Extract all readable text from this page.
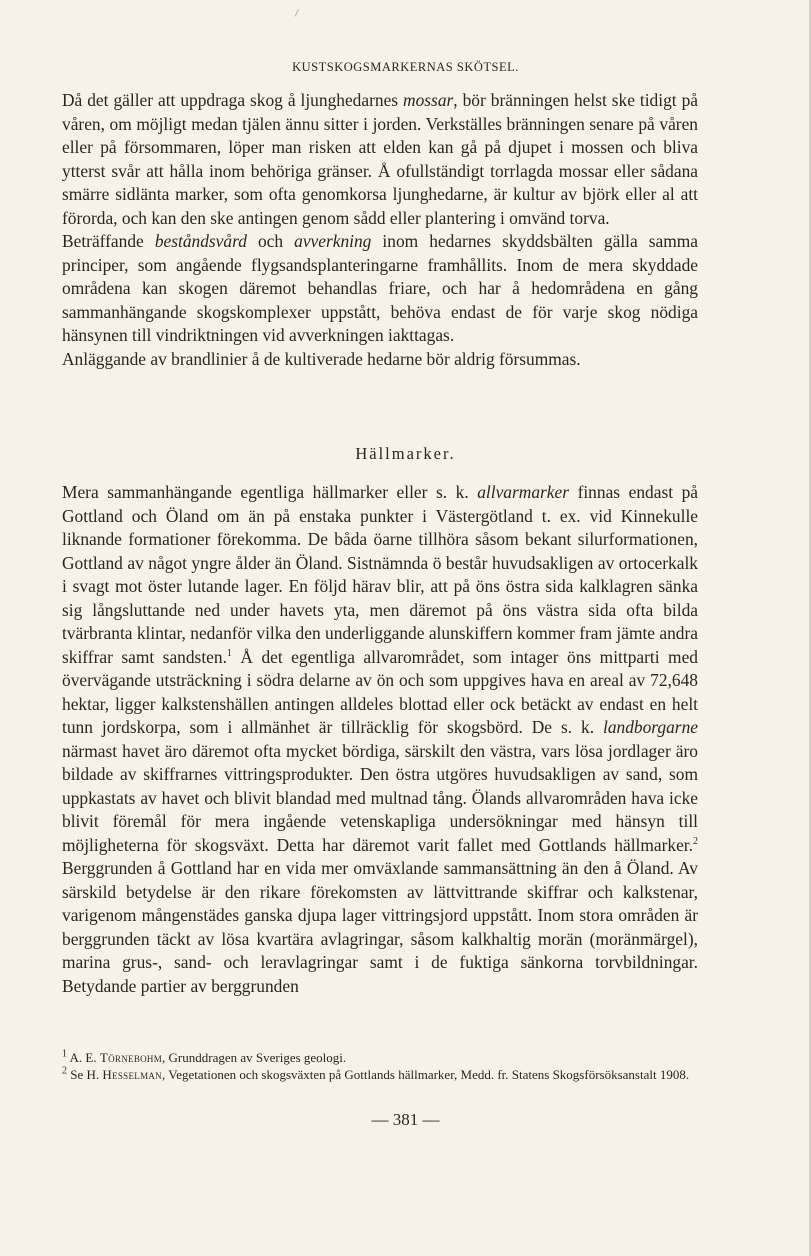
KUSTSKOGSMARKERNAS SKÖTSEL.

Då det gäller att uppdraga skog å ljunghedarnes mossar, bör bränningen helst ske tidigt på våren, om möjligt medan tjälen ännu sitter i jorden. Verkställes bränningen senare på våren eller på försommaren, löper man risken att elden kan gå på djupet i mossen och bliva ytterst svår att hålla inom behöriga gränser. Å ofullständigt torrlagda mossar eller sådana smärre sidlänta marker, som ofta genomkorsa ljunghedarne, är kultur av björk eller al att förorda, och kan den ske antingen genom sådd eller plantering i omvänd torva.

Beträffande beståndsvård och avverkning inom hedarnes skyddsbälten gälla samma principer, som angående flygsandsplanteringarne framhållits. Inom de mera skyddade områdena kan skogen däremot behandlas friare, och har å hedområdena en gång sammanhängande skogskomplexer uppstått, behöva endast de för varje skog nödiga hänsynen till vindriktningen vid avverkningen iakttagas.

Anläggande av brandlinier å de kultiverade hedarne bör aldrig försummas.

Hällmarker.

Mera sammanhängande egentliga hällmarker eller s. k. allvarmarker finnas endast på Gottland och Öland om än på enstaka punkter i Västergötland t. ex. vid Kinnekulle liknande formationer förekomma. De båda öarne tillhöra såsom bekant silurformationen, Gottland av något yngre ålder än Öland. Sistnämnda ö består huvudsakligen av ortocerkalk i svagt mot öster lutande lager. En följd härav blir, att på öns östra sida kalklagren sänka sig långsluttande ned under havets yta, men däremot på öns västra sida ofta bilda tvärbranta klintar, nedanför vilka den underliggande alunskiffern kommer fram jämte andra skiffrar samt sandsten.$^1$ Å det egentliga allvarområdet, som intager öns mittparti med övervägande utsträckning i södra delarne av ön och som uppgives hava en areal av 72,648 hektar, ligger kalkstenshällen antingen alldeles blottad eller ock betäckt av endast en helt tunn jordskorpa, som i allmänhet är tillräcklig för skogsbörd. De s. k. landborgarne närmast havet äro däremot ofta mycket bördiga, särskilt den västra, vars lösa jordlager äro bildade av skiffrarnes vittringsprodukter. Den östra utgöres huvudsakligen av sand, som uppkastats av havet och blivit blandad med multnad tång. Ölands allvarområden hava icke blivit föremål för mera ingående vetenskapliga undersökningar med hänsyn till möjligheterna för skogsväxt. Detta har däremot varit fallet med Gottlands hällmarker.$^2$ Berggrunden å Gottland har en vida mer omväxlande sammansättning än den å Öland. Av särskild betydelse är den rikare förekomsten av lättvittrande skiffrar och kalkstenar, varigenom mångenstädes ganska djupa lager vittringsjord uppstått. Inom stora områden är berggrunden täckt av lösa kvartära avlagringar, såsom kalkhaltig morän (moränmärgel), marina grus-, sand- och leravlagringar samt i de fuktiga sänkorna torvbildningar. Betydande partier av berggrunden

$^1$ A. E. Törnebohm, Grunddragen av Sveriges geologi.

$^2$ Se H. Hesselman, Vegetationen och skogsväxten på Gottlands hällmarker, Medd. fr. Statens Skogsförsöksanstalt 1908.

— 381 —
